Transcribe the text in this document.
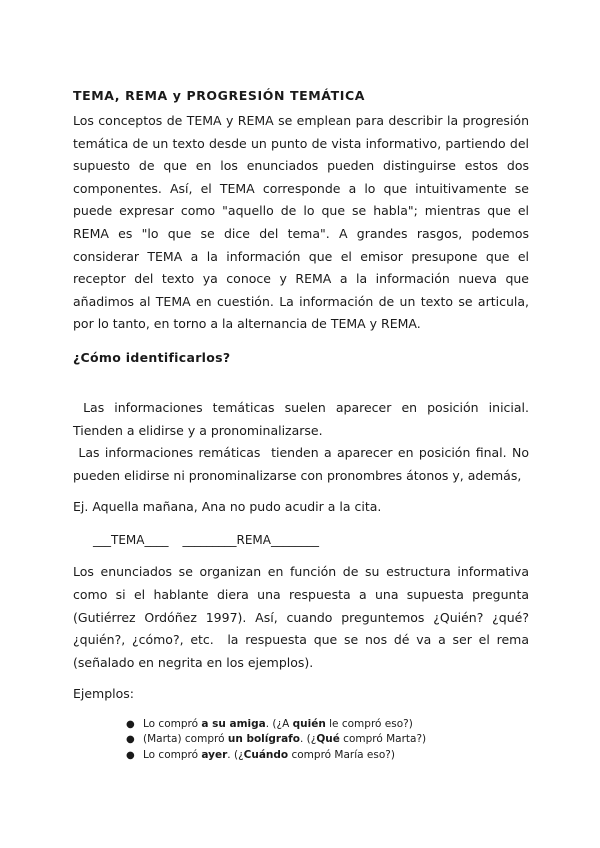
TEMA, REMA y PROGRESIÓN TEMÁTICA

Los conceptos de TEMA y REMA se emplean para describir la progresión temática de un texto desde un punto de vista informativo, partiendo del supuesto de que en los enunciados pueden distinguirse estos dos componentes. Así, el TEMA corresponde a lo que intuitivamente se puede expresar como "aquello de lo que se habla"; mientras que el REMA es "lo que se dice del tema". A grandes rasgos, podemos considerar TEMA a la información que el emisor presupone que el receptor del texto ya conoce y REMA a la información nueva que añadimos al TEMA en cuestión. La información de un texto se articula, por lo tanto, en torno a la alternancia de TEMA y REMA.

¿Cómo identificarlos?

Las informaciones temáticas suelen aparecer en posición inicial. Tienden a elidirse y a pronominalizarse.

Las informaciones remáticas  tienden a aparecer en posición final. No pueden elidirse ni pronominalizarse con pronombres átonos y, además,

Ej. Aquella mañana, Ana no pudo acudir a la cita.

___TEMA____ _________REMA________

Los enunciados se organizan en función de su estructura informativa como si el hablante diera una respuesta a una supuesta pregunta (Gutiérrez Ordóñez 1997). Así, cuando preguntemos ¿Quién? ¿qué? ¿quién?, ¿cómo?, etc.  la respuesta que se nos dé va a ser el rema (señalado en negrita en los ejemplos).

Ejemplos:

● Lo compró a su amiga. (¿A quién le compró eso?)
● (Marta) compró un bolígrafo. (¿Qué compró Marta?)
● Lo compró ayer. (¿Cuándo compró María eso?)
